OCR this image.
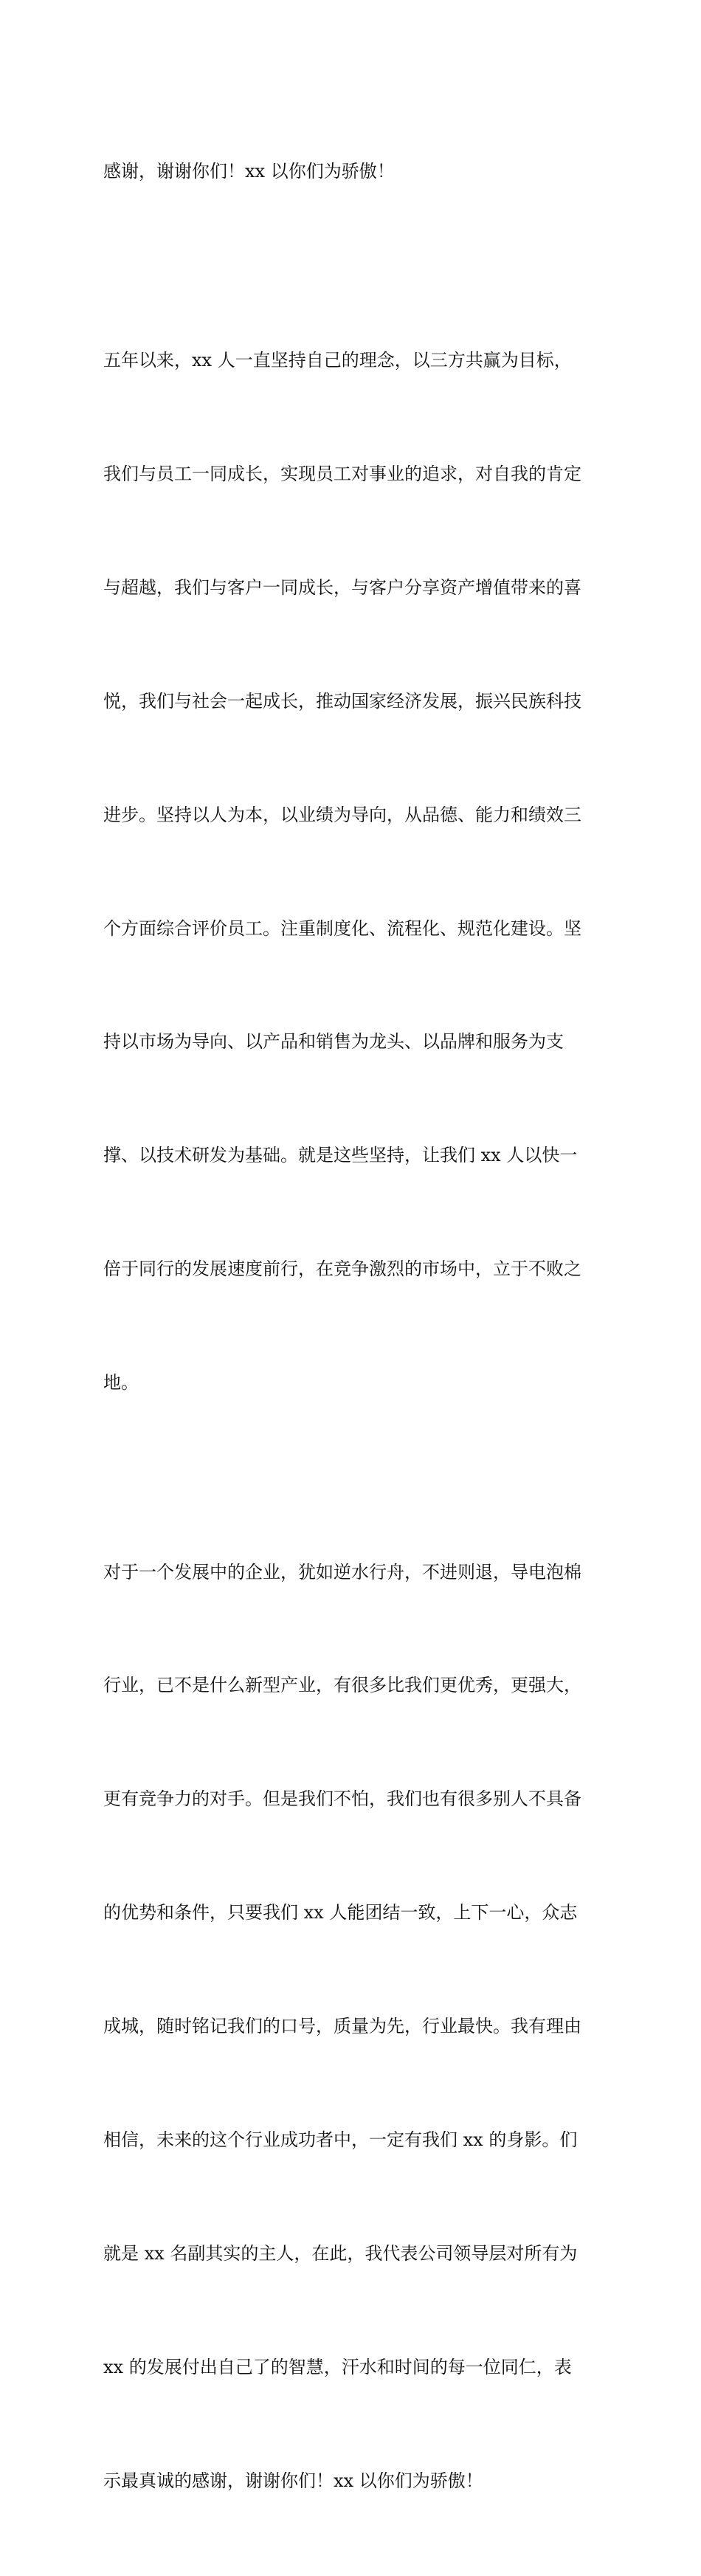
感谢，谢谢你们！xx 以你们为骄傲！

五年以来，xx 人一直坚持自己的理念，以三方共赢为目标，

我们与员工一同成长，实现员工对事业的追求，对自我的肯定

与超越，我们与客户一同成长，与客户分享资产增值带来的喜

悦，我们与社会一起成长，推动国家经济发展，振兴民族科技

进步。坚持以人为本，以业绩为导向，从品德、能力和绩效三

个方面综合评价员工。注重制度化、流程化、规范化建设。坚

持以市场为导向、以产品和销售为龙头、以品牌和服务为支

撑、以技术研发为基础。就是这些坚持，让我们 xx 人以快一

倍于同行的发展速度前行，在竞争激烈的市场中，立于不败之

地。

对于一个发展中的企业，犹如逆水行舟，不进则退，导电泡棉

行业，已不是什么新型产业，有很多比我们更优秀，更强大，

更有竞争力的对手。但是我们不怕，我们也有很多别人不具备

的优势和条件，只要我们 xx 人能团结一致，上下一心，众志

成城，随时铭记我们的口号，质量为先，行业最快。我有理由

相信，未来的这个行业成功者中，一定有我们 xx 的身影。们

就是 xx 名副其实的主人，在此，我代表公司领导层对所有为

xx 的发展付出自己了的智慧，汗水和时间的每一位同仁，表

示最真诚的感谢，谢谢你们！xx 以你们为骄傲！
